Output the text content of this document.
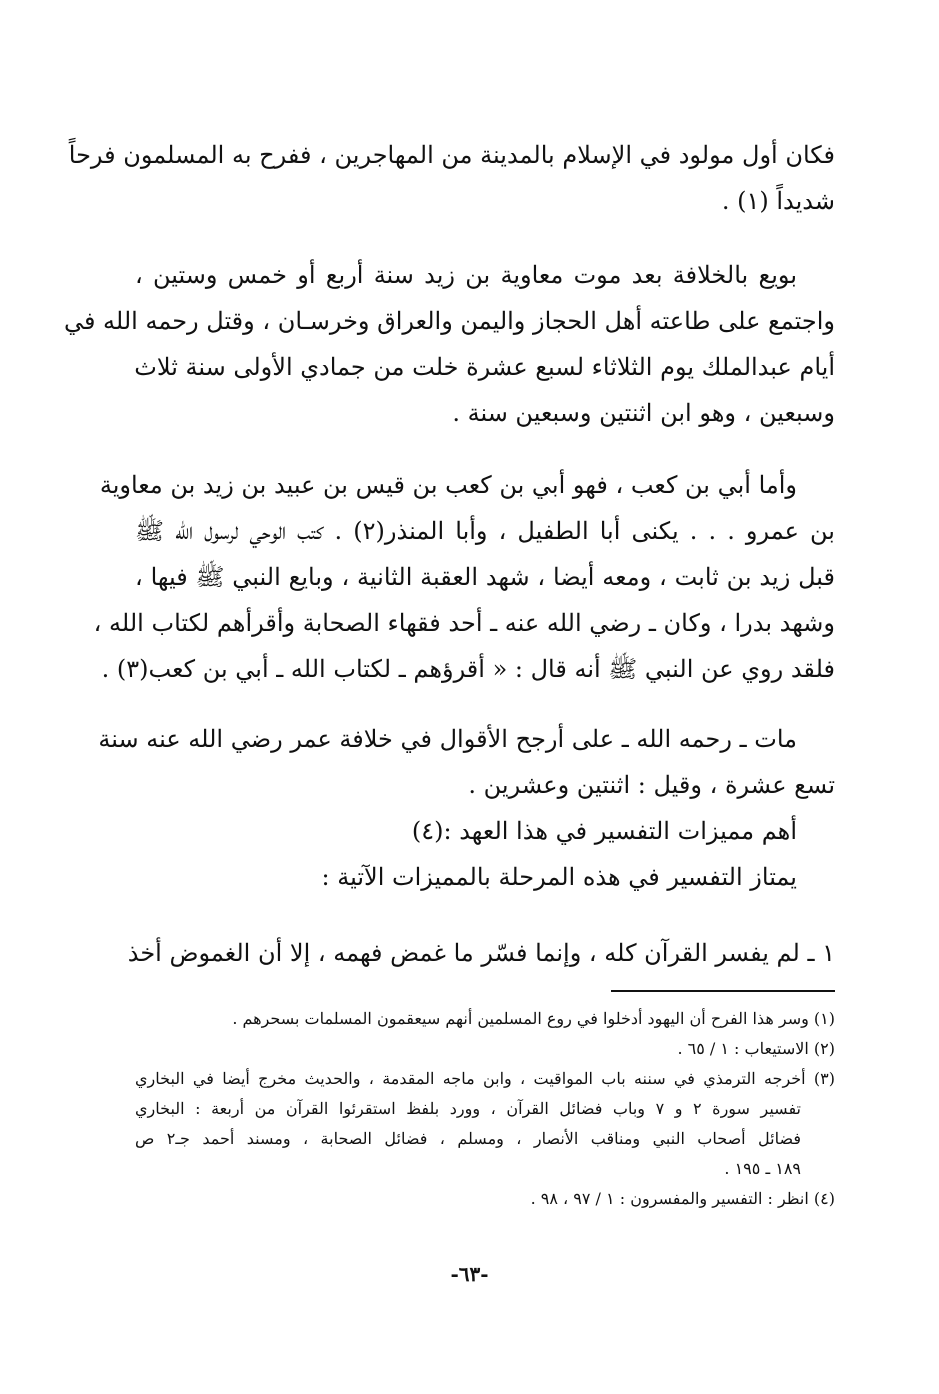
فكان أول مولود في الإسلام بالمدينة من المهاجرين ، ففرح به المسلمون فرحاً
شديداً (١) .
بويع بالخلافة بعد موت معاوية بن زيد سنة أربع أو خمس وستين ،
واجتمع على طاعته أهل الحجاز واليمن والعراق وخرسـان ، وقتل رحمه الله في
أيام عبدالملك يوم الثلاثاء لسبع عشرة خلت من جمادي الأولى سنة ثلاث
وسبعين ، وهو ابن اثنتين وسبعين سنة .
وأما أبي بن كعب ، فهو أبي بن كعب بن قيس بن عبيد بن زيد بن معاوية
بن عمرو . . . يكنى أبا الطفيل ، وأبا المنذر(٢) . كتب الوحي لرسول الله ﷺ
قبل زيد بن ثابت ، ومعه أيضا ، شهد العقبة الثانية ، وبايع النبي ﷺ فيها ،
وشهد بدرا ، وكان ـ رضي الله عنه ـ أحد فقهاء الصحابة وأقرأهم لكتاب الله ،
فلقد روي عن النبي ﷺ أنه قال : « أقرؤهم ـ لكتاب الله ـ أبي بن كعب(٣) .
مات ـ رحمه الله ـ على أرجح الأقوال في خلافة عمر رضي الله عنه سنة
تسع عشرة ، وقيل : اثنتين وعشرين .
أهم مميزات التفسير في هذا العهد :(٤)
يمتاز التفسير في هذه المرحلة بالمميزات الآتية :
١ ـ لم يفسر القرآن كله ، وإنما فسّر ما غمض فهمه ، إلا أن الغموض أخذ
(١) وسر هذا الفرح أن اليهود أدخلوا في روع المسلمين أنهم سيعقمون المسلمات بسحرهم .
(٢) الاستيعاب : ١ / ٦٥ .
(٣) أخرجه الترمذي في سننه باب المواقيت ، وابن ماجه المقدمة ، والحديث مخرج أيضا في البخاري
تفسير سورة ٢ و ٧ وباب فضائل القرآن ، وورد بلفظ استقرئوا القرآن من أربعة : البخاري
فضائل أصحاب النبي ومناقب الأنصار ، ومسلم ، فضائل الصحابة ، ومسند أحمد جـ٢ ص
١٨٩ ـ ١٩٥ .
(٤) انظر : التفسير والمفسرون : ١ / ٩٧ ، ٩٨ .
-٦٣-
